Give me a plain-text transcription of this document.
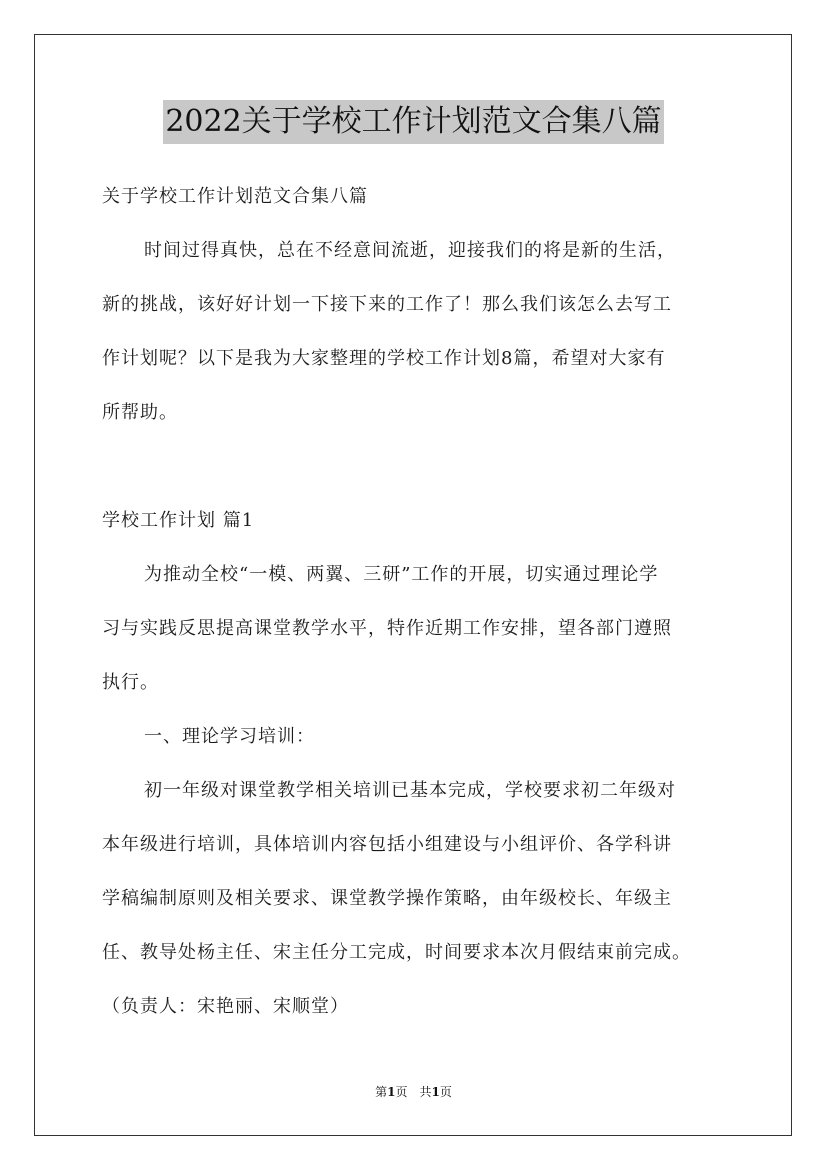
2022关于学校工作计划范文合集八篇

关于学校工作计划范文合集八篇

时间过得真快，总在不经意间流逝，迎接我们的将是新的生活，

新的挑战，该好好计划一下接下来的工作了！那么我们该怎么去写工

作计划呢？以下是我为大家整理的学校工作计划8篇，希望对大家有

所帮助。

学校工作计划 篇1

为推动全校“一模、两翼、三研”工作的开展，切实通过理论学

习与实践反思提高课堂教学水平，特作近期工作安排，望各部门遵照

执行。

一、理论学习培训：

初一年级对课堂教学相关培训已基本完成，学校要求初二年级对

本年级进行培训，具体培训内容包括小组建设与小组评价、各学科讲

学稿编制原则及相关要求、课堂教学操作策略，由年级校长、年级主

任、教导处杨主任、宋主任分工完成，时间要求本次月假结束前完成。

（负责人：宋艳丽、宋顺堂）

第1页　共1页
